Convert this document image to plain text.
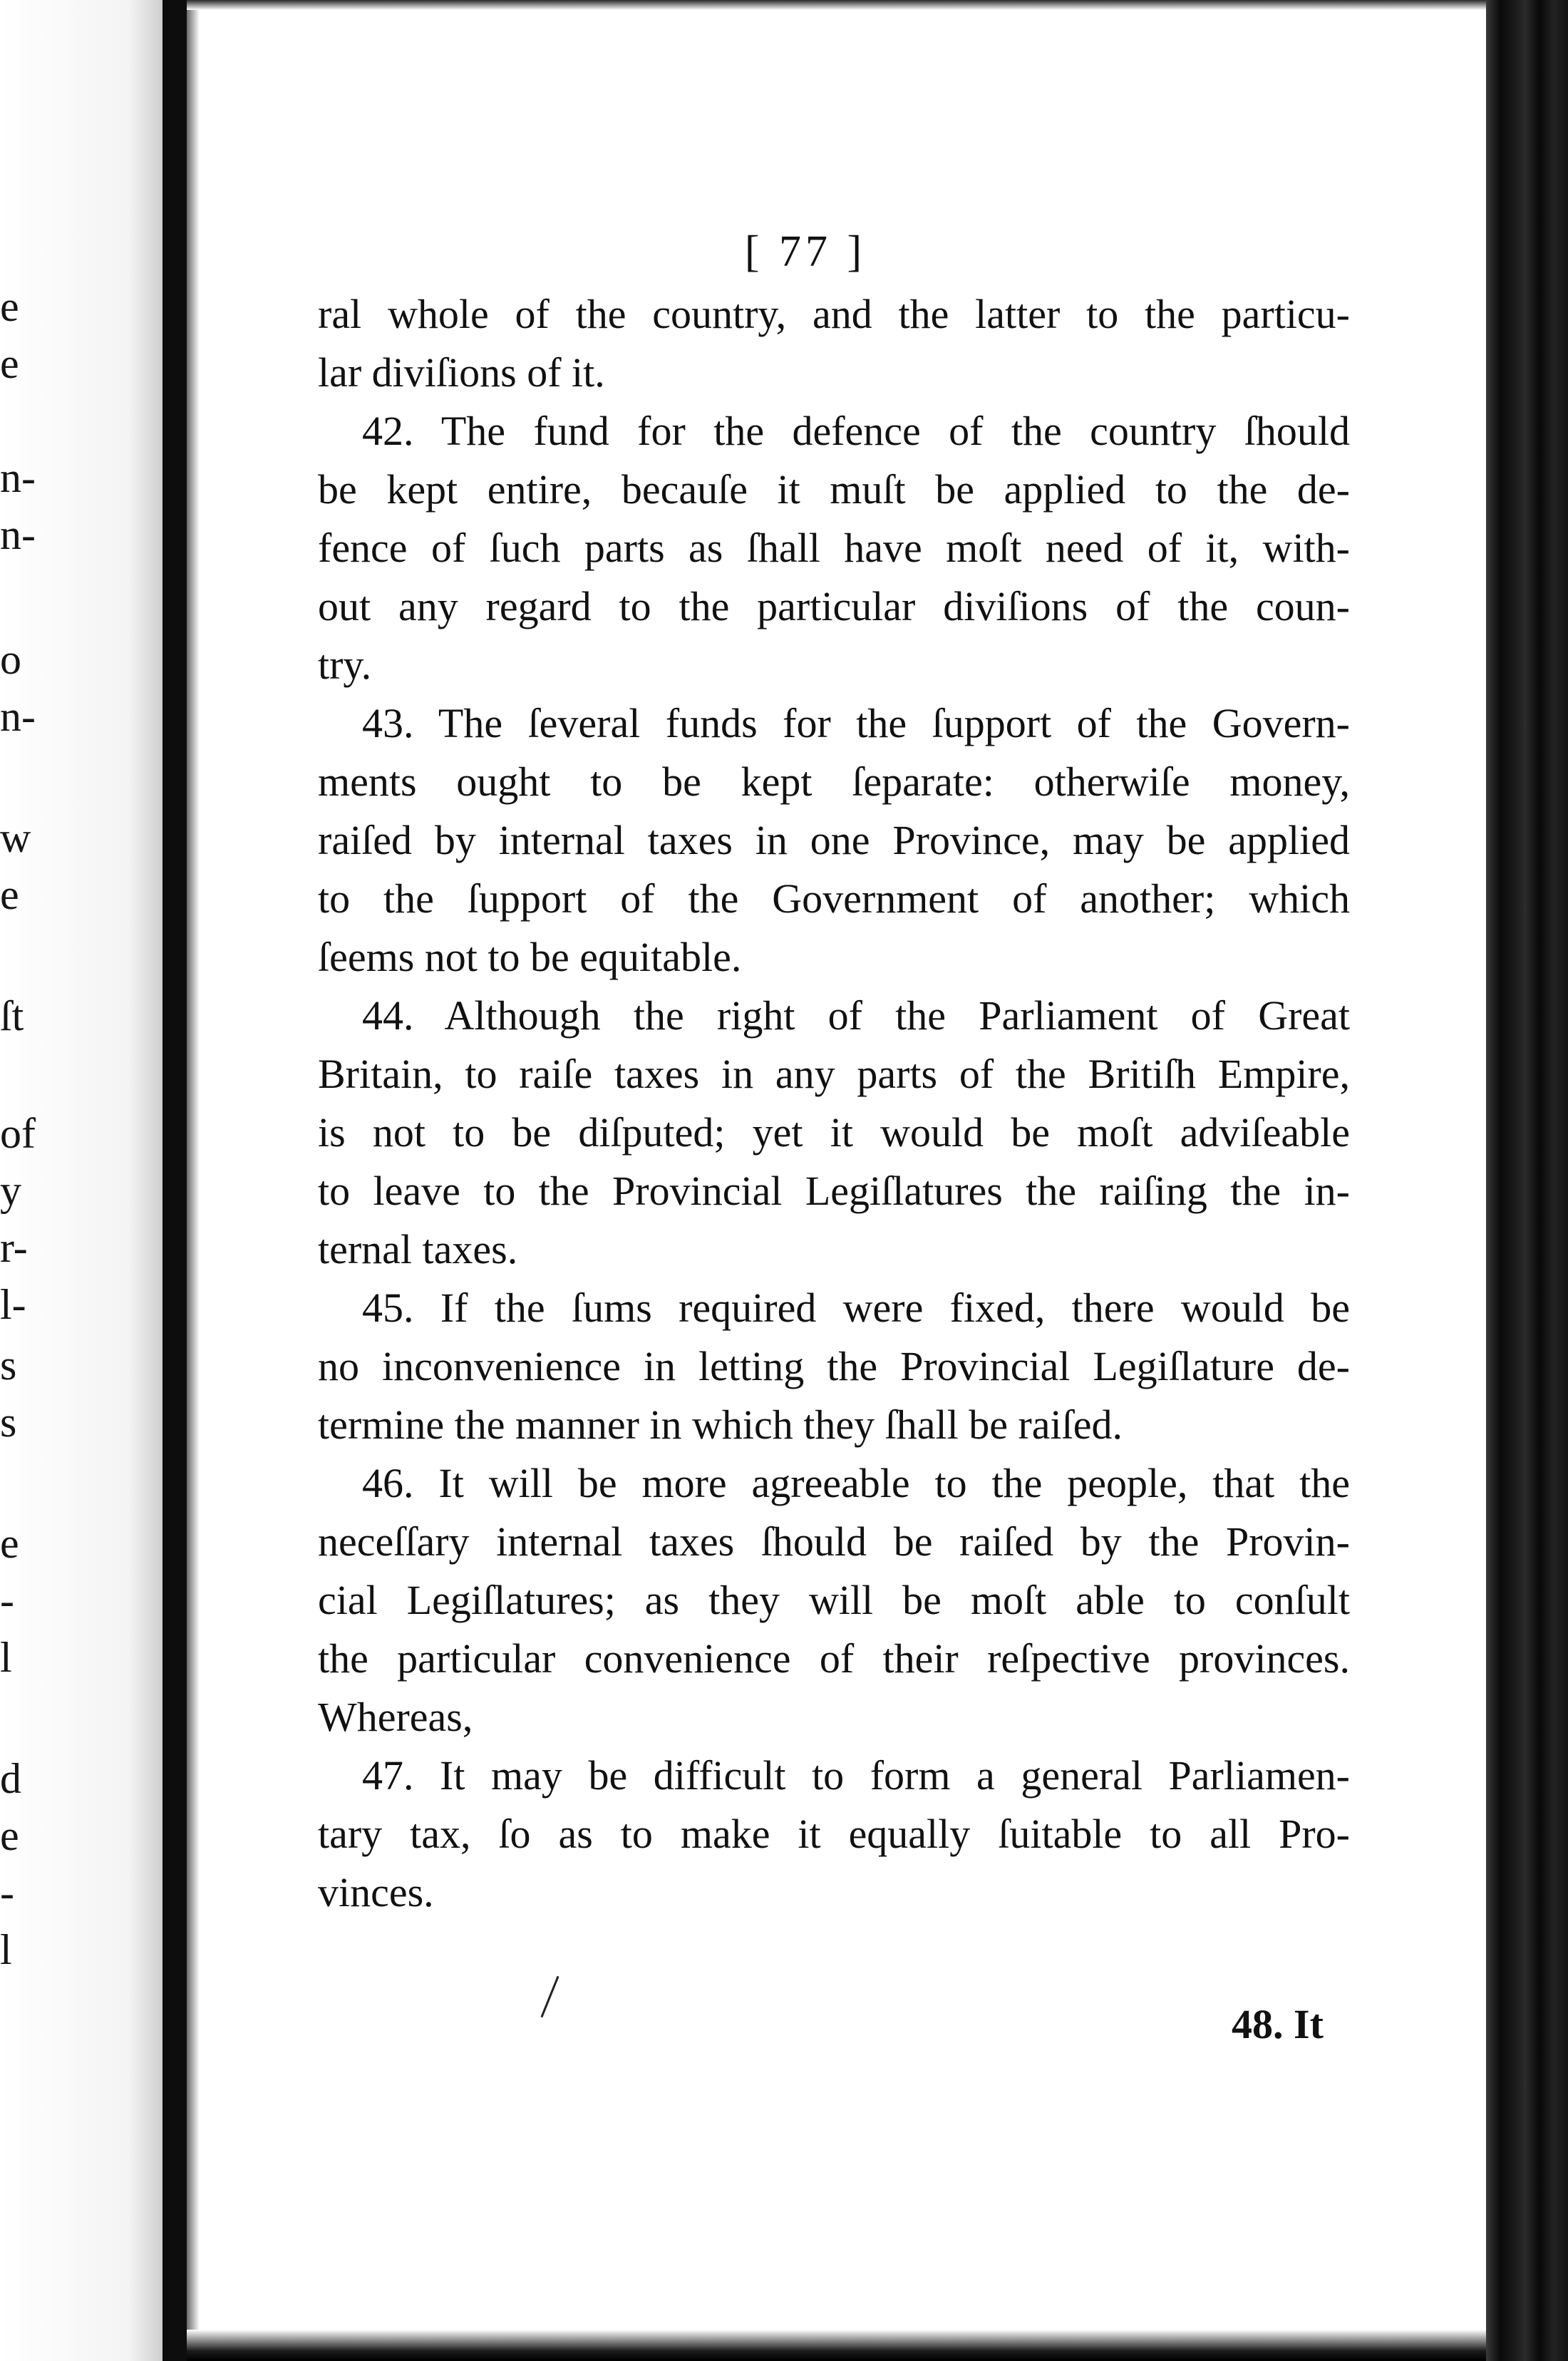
e
e
n-
n-
o
n-
w
e
ſt
of
y
r-
l-
s
s
e
-
l
d
e
-
l
[ 77 ]
ral whole of the country, and the latter to the particu-
lar diviſions of it.
42. The fund for the defence of the country ſhould
be kept entire, becauſe it muſt be applied to the de-
fence of ſuch parts as ſhall have moſt need of it, with-
out any regard to the particular diviſions of the coun-
try.
43. The ſeveral funds for the ſupport of the Govern-
ments ought to be kept ſeparate: otherwiſe money,
raiſed by internal taxes in one Province, may be applied
to the ſupport of the Government of another; which
ſeems not to be equitable.
44. Although the right of the Parliament of Great
Britain, to raiſe taxes in any parts of the Britiſh Empire,
is not to be diſputed; yet it would be moſt adviſeable
to leave to the Provincial Legiſlatures the raiſing the in-
ternal taxes.
45. If the ſums required were fixed, there would be
no inconvenience in letting the Provincial Legiſlature de-
termine the manner in which they ſhall be raiſed.
46. It will be more agreeable to the people, that the
neceſſary internal taxes ſhould be raiſed by the Provin-
cial Legiſlatures; as they will be moſt able to conſult
the particular convenience of their reſpective provinces.
Whereas,
47. It may be difficult to form a general Parliamen-
tary tax, ſo as to make it equally ſuitable to all Pro-
vinces.
48. It
